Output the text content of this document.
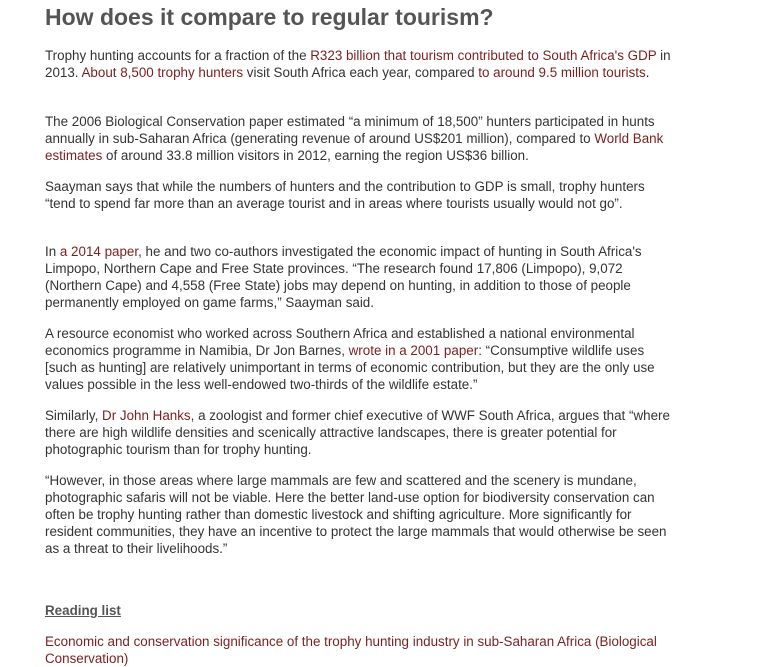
How does it compare to regular tourism?

Trophy hunting accounts for a fraction of the R323 billion that tourism contributed to South Africa's GDP in 2013. About 8,500 trophy hunters visit South Africa each year, compared to around 9.5 million tourists.

The 2006 Biological Conservation paper estimated “a minimum of 18,500” hunters participated in hunts annually in sub-Saharan Africa (generating revenue of around US$201 million), compared to World Bank estimates of around 33.8 million visitors in 2012, earning the region US$36 billion.

Saayman says that while the numbers of hunters and the contribution to GDP is small, trophy hunters “tend to spend far more than an average tourist and in areas where tourists usually would not go”.

In a 2014 paper, he and two co-authors investigated the economic impact of hunting in South Africa's Limpopo, Northern Cape and Free State provinces. “The research found 17,806 (Limpopo), 9,072 (Northern Cape) and 4,558 (Free State) jobs may depend on hunting, in addition to those of people permanently employed on game farms,” Saayman said.

A resource economist who worked across Southern Africa and established a national environmental economics programme in Namibia, Dr Jon Barnes, wrote in a 2001 paper: “Consumptive wildlife uses [such as hunting] are relatively unimportant in terms of economic contribution, but they are the only use values possible in the less well-endowed two-thirds of the wildlife estate.”

Similarly, Dr John Hanks, a zoologist and former chief executive of WWF South Africa, argues that “where there are high wildlife densities and scenically attractive landscapes, there is greater potential for photographic tourism than for trophy hunting.

“However, in those areas where large mammals are few and scattered and the scenery is mundane, photographic safaris will not be viable. Here the better land-use option for biodiversity conservation can often be trophy hunting rather than domestic livestock and shifting agriculture. More significantly for resident communities, they have an incentive to protect the large mammals that would otherwise be seen as a threat to their livelihoods.”

Reading list
Economic and conservation significance of the trophy hunting industry in sub-Saharan Africa (Biological Conservation)
